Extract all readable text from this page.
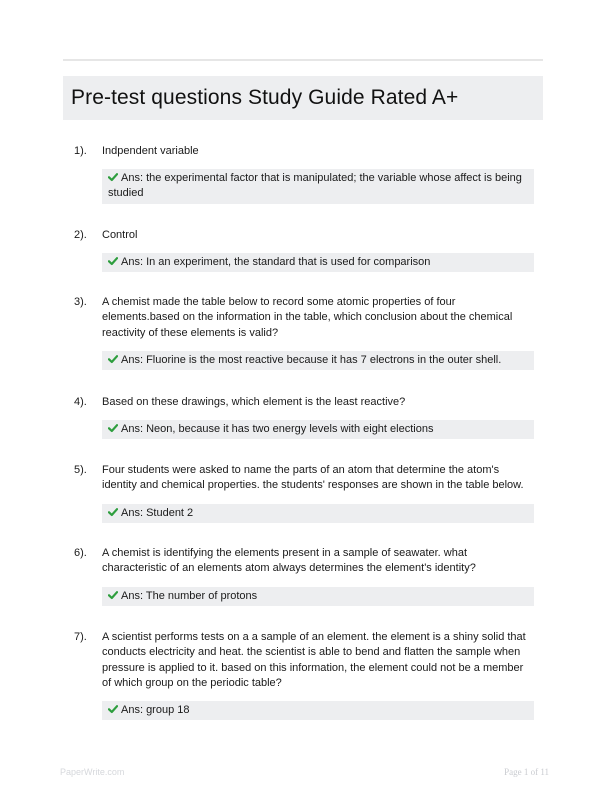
Pre-test questions Study Guide Rated A+
1). Indpendent variable
Ans: the experimental factor that is manipulated; the variable whose affect is being studied
2). Control
Ans: In an experiment, the standard that is used for comparison
3). A chemist made the table below to record some atomic properties of four elements.based on the information in the table, which conclusion about the chemical reactivity of these elements is valid?
Ans: Fluorine is the most reactive because it has 7 electrons in the outer shell.
4). Based on these drawings, which element is the least reactive?
Ans: Neon, because it has two energy levels with eight elections
5). Four students were asked to name the parts of an atom that determine the atom's identity and chemical properties. the students' responses are shown in the table below.
Ans: Student 2
6). A chemist is identifying the elements present in a sample of seawater. what characteristic of an elements atom always determines the element's identity?
Ans: The number of protons
7). A scientist performs tests on a a sample of an element. the element is a shiny solid that conducts electricity and heat. the scientist is able to bend and flatten the sample when pressure is applied to it. based on this information, the element could not be a member of which group on the periodic table?
Ans: group 18
PaperWrite.com	Page 1 of 11
